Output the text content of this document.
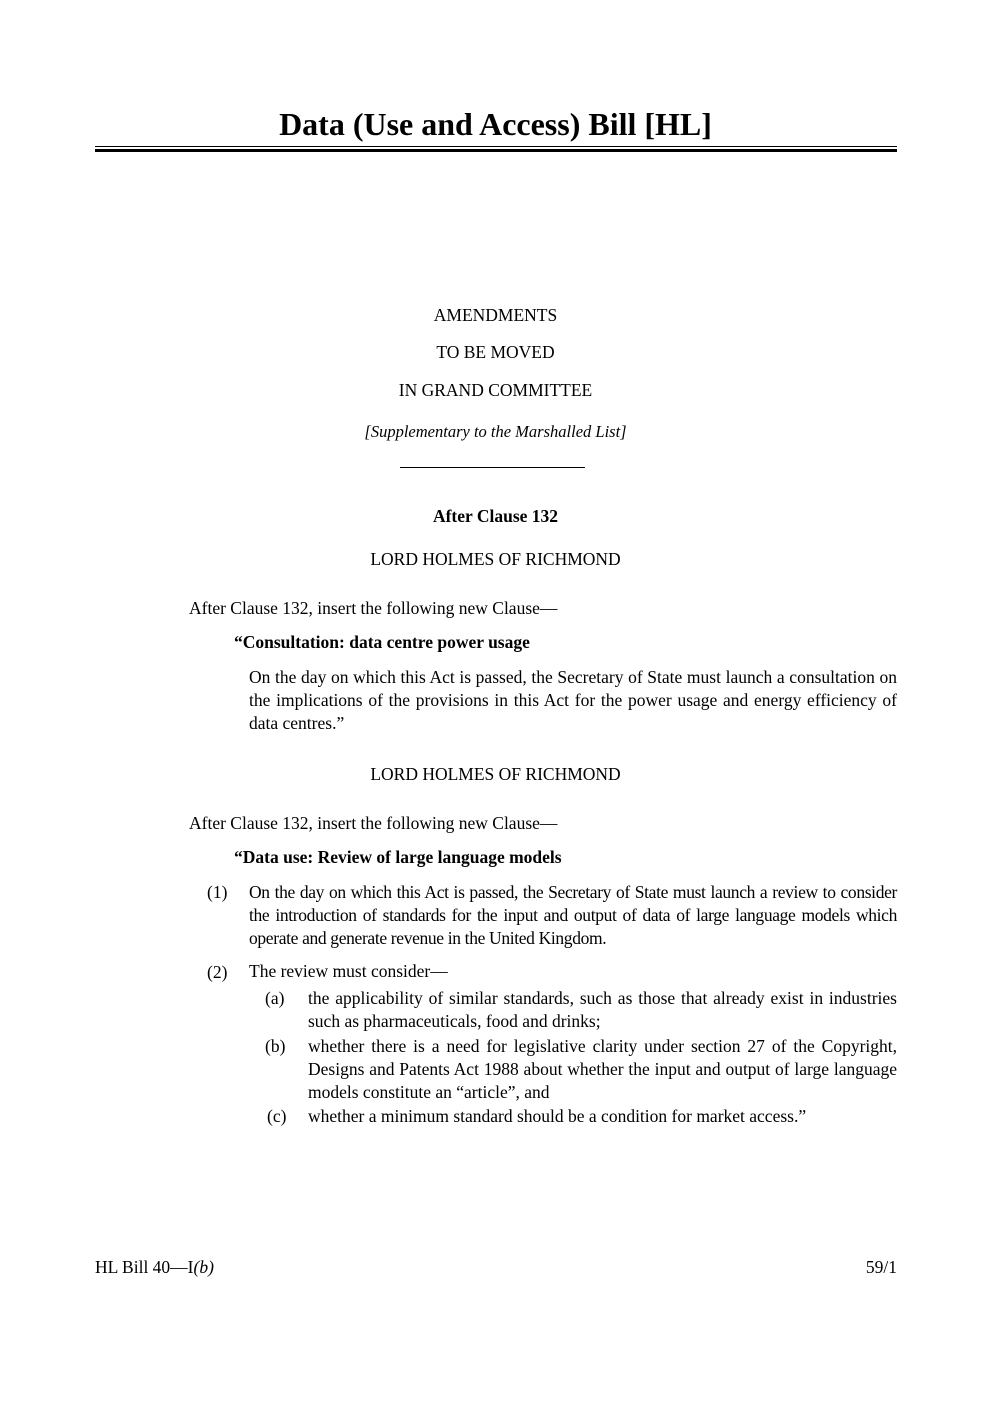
Data (Use and Access) Bill [HL]
AMENDMENTS
TO BE MOVED
IN GRAND COMMITTEE
[Supplementary to the Marshalled List]
After Clause 132
LORD HOLMES OF RICHMOND
After Clause 132, insert the following new Clause—
“Consultation: data centre power usage
On the day on which this Act is passed, the Secretary of State must launch a consultation on the implications of the provisions in this Act for the power usage and energy efficiency of data centres.”
LORD HOLMES OF RICHMOND
After Clause 132, insert the following new Clause—
“Data use: Review of large language models
(1) On the day on which this Act is passed, the Secretary of State must launch a review to consider the introduction of standards for the input and output of data of large language models which operate and generate revenue in the United Kingdom.
(2) The review must consider—
(a) the applicability of similar standards, such as those that already exist in industries such as pharmaceuticals, food and drinks;
(b) whether there is a need for legislative clarity under section 27 of the Copyright, Designs and Patents Act 1988 about whether the input and output of large language models constitute an “article”, and
(c) whether a minimum standard should be a condition for market access.”
HL Bill 40—I(b)	59/1
